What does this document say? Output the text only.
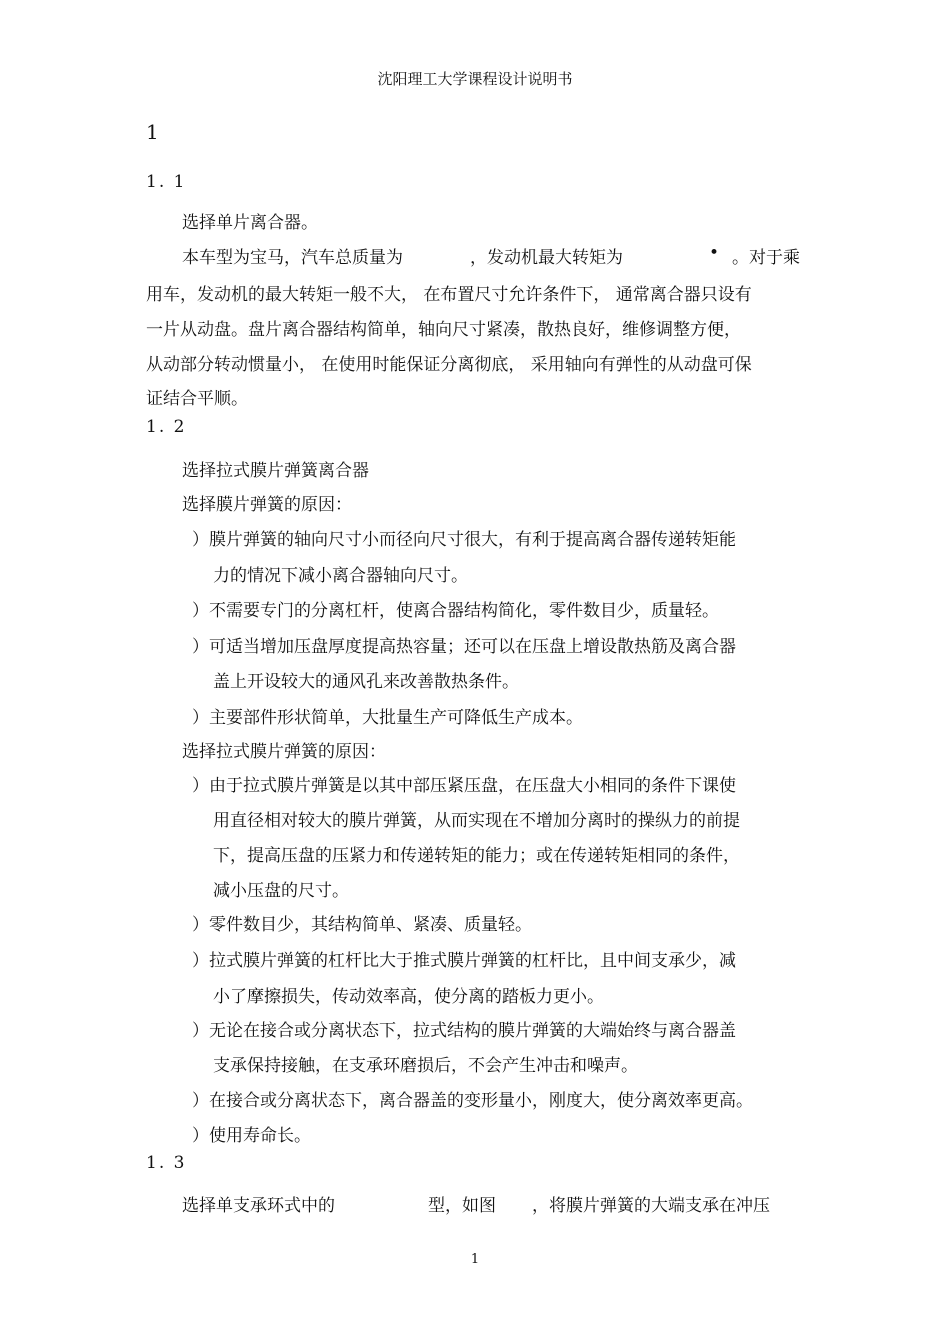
沈阳理工大学课程设计说明书
1
1. 1
选择单片离合器。
本车型为宝马，汽车总质量为	，发动机最大转矩为	• 。对于乘
用车，发动机的最大转矩一般不大， 在布置尺寸允许条件下， 通常离合器只设有
一片从动盘。盘片离合器结构简单，轴向尺寸紧凑，散热良好，维修调整方便，
从动部分转动惯量小， 在使用时能保证分离彻底， 采用轴向有弹性的从动盘可保
证结合平顺。
1. 2
选择拉式膜片弹簧离合器
选择膜片弹簧的原因：
）膜片弹簧的轴向尺寸小而径向尺寸很大，有利于提高离合器传递转矩能
力的情况下减小离合器轴向尺寸。
）不需要专门的分离杠杆，使离合器结构简化，零件数目少，质量轻。
）可适当增加压盘厚度提高热容量；还可以在压盘上增设散热筋及离合器
盖上开设较大的通风孔来改善散热条件。
）主要部件形状简单，大批量生产可降低生产成本。
选择拉式膜片弹簧的原因：
）由于拉式膜片弹簧是以其中部压紧压盘，在压盘大小相同的条件下课使
用直径相对较大的膜片弹簧，从而实现在不增加分离时的操纵力的前提
下，提高压盘的压紧力和传递转矩的能力；或在传递转矩相同的条件，
减小压盘的尺寸。
）零件数目少，其结构简单、紧凑、质量轻。
）拉式膜片弹簧的杠杆比大于推式膜片弹簧的杠杆比，且中间支承少，减
小了摩擦损失，传动效率高，使分离的踏板力更小。
）无论在接合或分离状态下，拉式结构的膜片弹簧的大端始终与离合器盖
支承保持接触，在支承环磨损后，不会产生冲击和噪声。
）在接合或分离状态下，离合器盖的变形量小，刚度大，使分离效率更高。
）使用寿命长。
1. 3
选择单支承环式中的	型，如图 ，将膜片弹簧的大端支承在冲压
1
